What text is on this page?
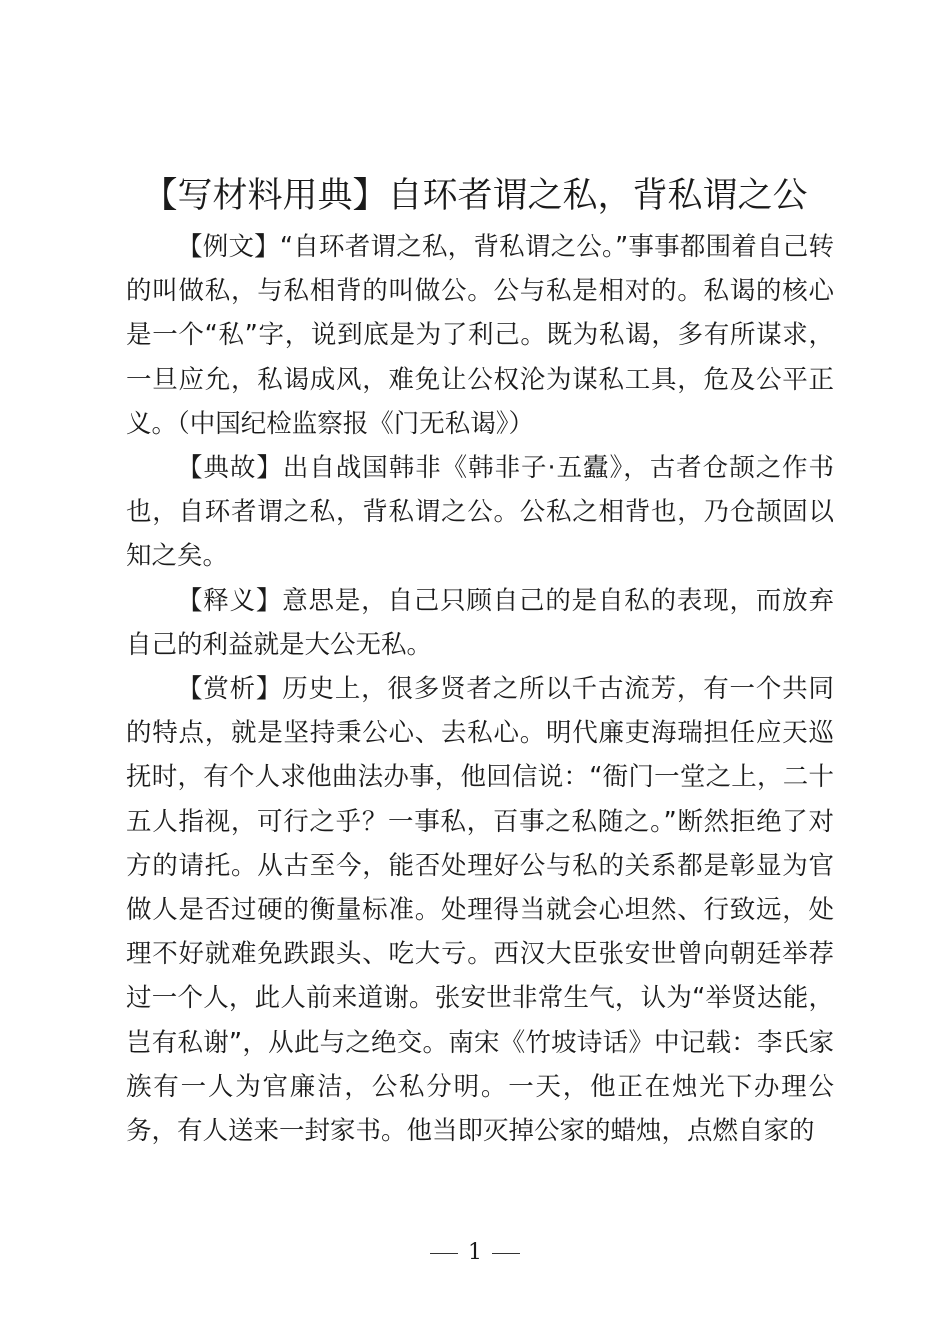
【写材料用典】自环者谓之私，背私谓之公

【例文】“自环者谓之私，背私谓之公。”事事都围着自己转的叫做私，与私相背的叫做公。公与私是相对的。私谒的核心是一个“私”字，说到底是为了利己。既为私谒，多有所谋求，一旦应允，私谒成风，难免让公权沦为谋私工具，危及公平正义。（中国纪检监察报《门无私谒》）

【典故】出自战国韩非《韩非子·五蠹》，古者仓颉之作书也，自环者谓之私，背私谓之公。公私之相背也，乃仓颉固以知之矣。

【释义】意思是，自己只顾自己的是自私的表现，而放弃自己的利益就是大公无私。

【赏析】历史上，很多贤者之所以千古流芳，有一个共同的特点，就是坚持秉公心、去私心。明代廉吏海瑞担任应天巡抚时，有个人求他曲法办事，他回信说：“衙门一堂之上，二十五人指视，可行之乎？一事私，百事之私随之。”断然拒绝了对方的请托。从古至今，能否处理好公与私的关系都是彰显为官做人是否过硬的衡量标准。处理得当就会心坦然、行致远，处理不好就难免跌跟头、吃大亏。西汉大臣张安世曾向朝廷举荐过一个人，此人前来道谢。张安世非常生气，认为“举贤达能，岂有私谢”，从此与之绝交。南宋《竹坡诗话》中记载：李氏家族有一人为官廉洁，公私分明。一天，他正在烛光下办理公务，有人送来一封家书。他当即灭掉公家的蜡烛，点燃自家的

1
